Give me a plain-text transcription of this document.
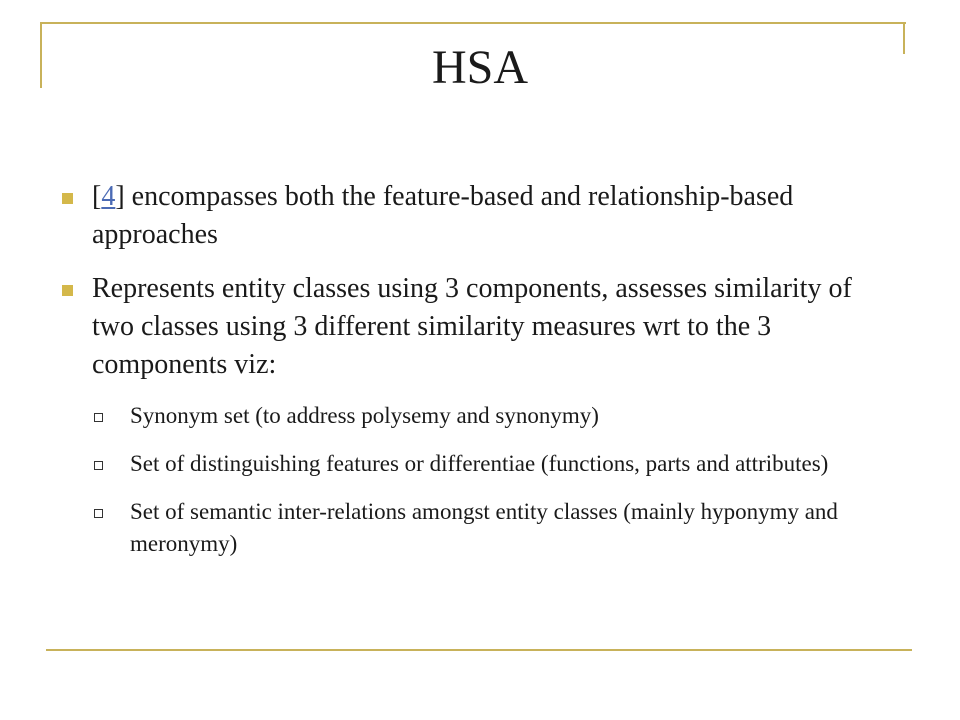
HSA
[4] encompasses both the feature-based and relationship-based approaches
Represents entity classes using 3 components, assesses similarity of two classes using 3 different similarity measures wrt to the 3 components viz:
Synonym set (to address polysemy and synonymy)
Set of distinguishing features or differentiae (functions, parts and attributes)
Set of semantic inter-relations amongst entity classes (mainly hyponymy and meronymy)
